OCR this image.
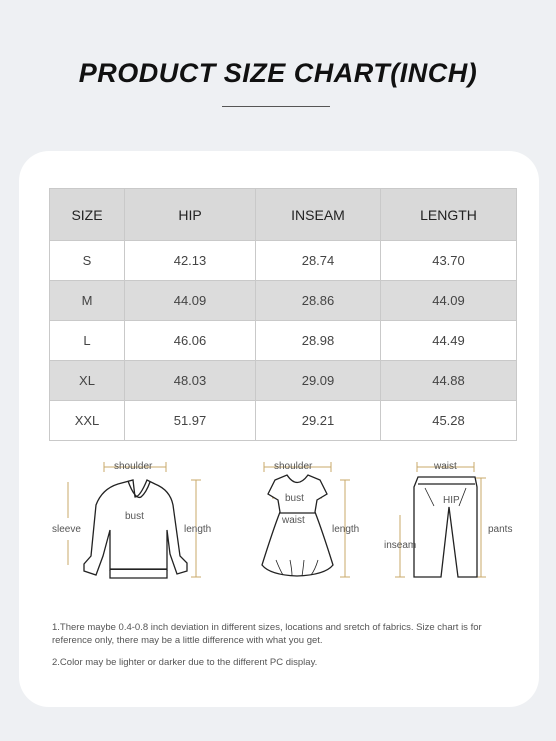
PRODUCT SIZE CHART(INCH)
SIZE	HIP	INSEAM	LENGTH
S	42.13	28.74	43.70
M	44.09	28.86	44.09
L	46.06	28.98	44.49
XL	48.03	29.09	44.88
XXL	51.97	29.21	45.28
shoulder
bust
sleeve	length
shoulder
bust
waist
length
waist
HIP
inseam
pants

1.There maybe 0.4-0.8 inch deviation in different sizes, locations and sretch of fabrics. Size chart is for reference only, there may be a little difference with what you get.

2.Color may be lighter or darker due to the different PC display.
